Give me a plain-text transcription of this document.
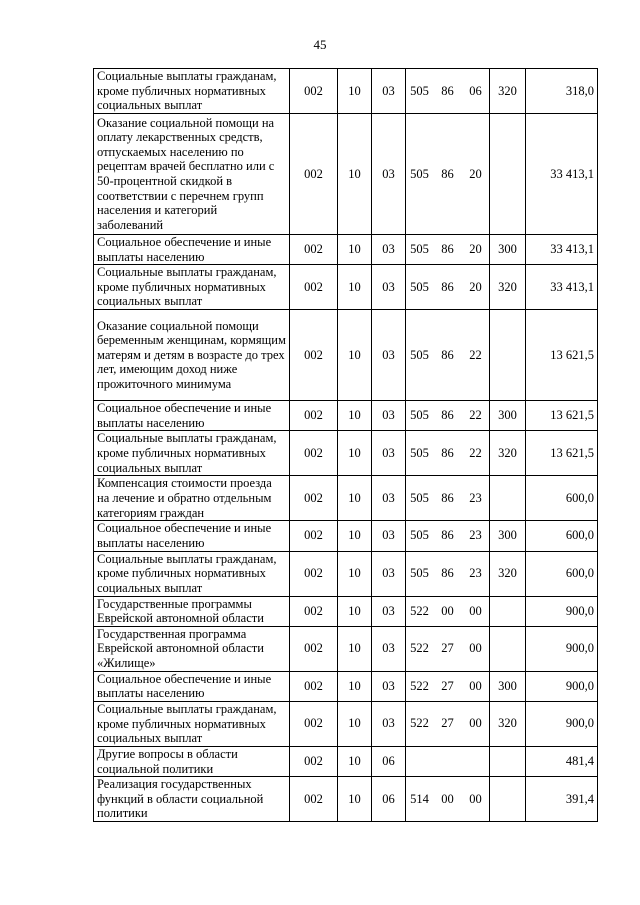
45
Социальные выплаты гражданам, кроме публичных нормативных социальных выплат	002	10	03	505 86 06	320	318,0
Оказание социальной помощи на оплату лекарственных средств, отпускаемых населению по рецептам врачей бесплатно или с 50-процентной скидкой в соответствии с перечнем групп населения и категорий заболеваний	002	10	03	505 86 20		33 413,1
Социальное обеспечение и иные выплаты населению	002	10	03	505 86 20	300	33 413,1
Социальные выплаты гражданам, кроме публичных нормативных социальных выплат	002	10	03	505 86 20	320	33 413,1
Оказание социальной помощи беременным женщинам, кормящим матерям и детям в возрасте до трех лет, имеющим доход ниже прожиточного минимума	002	10	03	505 86 22		13 621,5
Социальное обеспечение и иные выплаты населению	002	10	03	505 86 22	300	13 621,5
Социальные выплаты гражданам, кроме публичных нормативных социальных выплат	002	10	03	505 86 22	320	13 621,5
Компенсация стоимости проезда на лечение и обратно отдельным категориям граждан	002	10	03	505 86 23		600,0
Социальное обеспечение и иные выплаты населению	002	10	03	505 86 23	300	600,0
Социальные выплаты гражданам, кроме публичных нормативных социальных выплат	002	10	03	505 86 23	320	600,0
Государственные программы Еврейской автономной области	002	10	03	522 00 00		900,0
Государственная программа Еврейской автономной области «Жилище»	002	10	03	522 27 00		900,0
Социальное обеспечение и иные выплаты населению	002	10	03	522 27 00	300	900,0
Социальные выплаты гражданам, кроме публичных нормативных социальных выплат	002	10	03	522 27 00	320	900,0
Другие вопросы в области социальной политики	002	10	06			481,4
Реализация государственных функций в области социальной политики	002	10	06	514 00 00		391,4
